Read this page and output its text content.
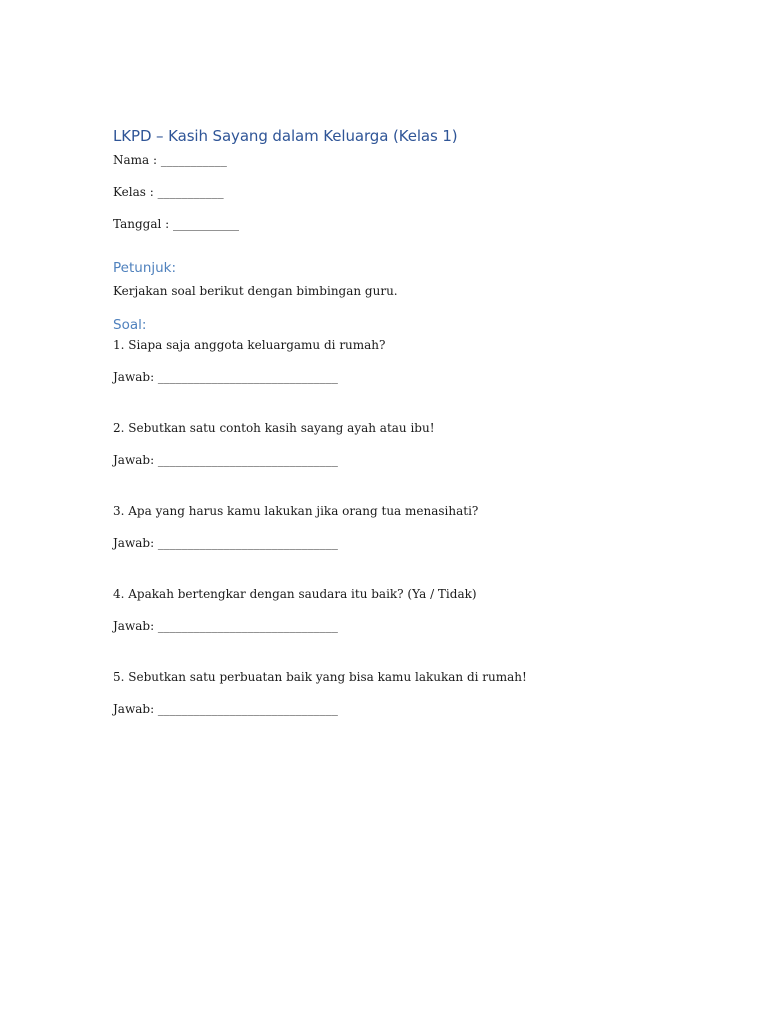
LKPD – Kasih Sayang dalam Keluarga (Kelas 1)

Nama : ___________

Kelas : ___________

Tanggal : ___________

Petunjuk:

Kerjakan soal berikut dengan bimbingan guru.

Soal:

1. Siapa saja anggota keluargamu di rumah?

Jawab: ______________________________

2. Sebutkan satu contoh kasih sayang ayah atau ibu!

Jawab: ______________________________

3. Apa yang harus kamu lakukan jika orang tua menasihati?

Jawab: ______________________________

4. Apakah bertengkar dengan saudara itu baik? (Ya / Tidak)

Jawab: ______________________________

5. Sebutkan satu perbuatan baik yang bisa kamu lakukan di rumah!

Jawab: ______________________________
